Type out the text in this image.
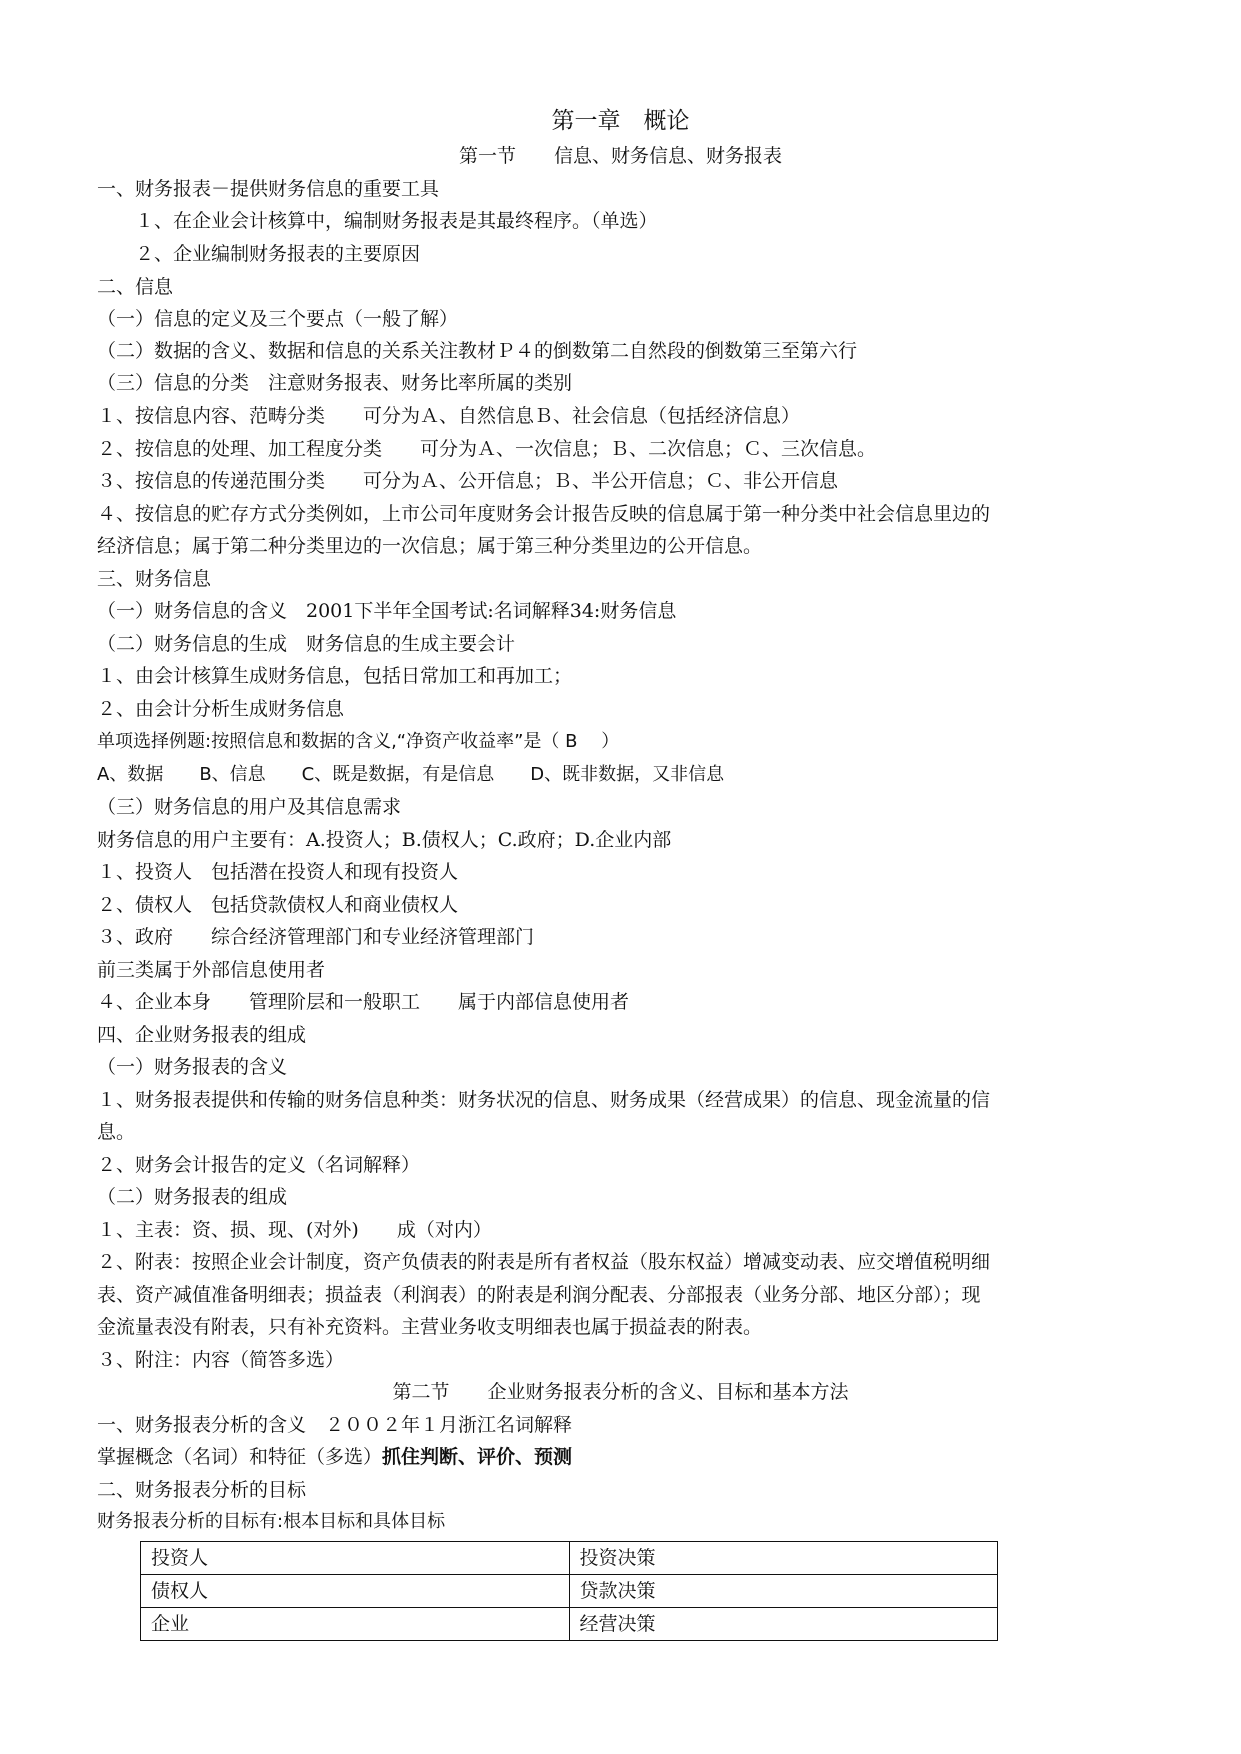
第一章　概论
第一节　　信息、财务信息、财务报表
一、财务报表－提供财务信息的重要工具
　　１、在企业会计核算中，编制财务报表是其最终程序。（单选）
　　２、企业编制财务报表的主要原因
二、信息
（一）信息的定义及三个要点（一般了解）
（二）数据的含义、数据和信息的关系关注教材Ｐ４的倒数第二自然段的倒数第三至第六行
（三）信息的分类　注意财务报表、财务比率所属的类别
１、按信息内容、范畴分类　　可分为Ａ、自然信息Ｂ、社会信息（包括经济信息）
２、按信息的处理、加工程度分类　　可分为Ａ、一次信息；Ｂ、二次信息；Ｃ、三次信息。
３、按信息的传递范围分类　　可分为Ａ、公开信息；Ｂ、半公开信息；Ｃ、非公开信息
４、按信息的贮存方式分类例如，上市公司年度财务会计报告反映的信息属于第一种分类中社会信息里边的
经济信息；属于第二种分类里边的一次信息；属于第三种分类里边的公开信息。
三、财务信息
（一）财务信息的含义　2001下半年全国考试:名词解释34:财务信息
（二）财务信息的生成　财务信息的生成主要会计
１、由会计核算生成财务信息，包括日常加工和再加工；
２、由会计分析生成财务信息
单项选择例题:按照信息和数据的含义,“净资产收益率”是（ B　 ）
A、数据　　B、信息　　C、既是数据，有是信息　　D、既非数据，又非信息
（三）财务信息的用户及其信息需求
财务信息的用户主要有：A.投资人；B.债权人；C.政府；D.企业内部
１、投资人　包括潜在投资人和现有投资人
２、债权人　包括贷款债权人和商业债权人
３、政府　　综合经济管理部门和专业经济管理部门
前三类属于外部信息使用者
４、企业本身　　管理阶层和一般职工　　属于内部信息使用者
四、企业财务报表的组成
（一）财务报表的含义
１、财务报表提供和传输的财务信息种类：财务状况的信息、财务成果（经营成果）的信息、现金流量的信
息。
２、财务会计报告的定义（名词解释）
（二）财务报表的组成
１、主表：资、损、现、(对外)　　成（对内）
２、附表：按照企业会计制度，资产负债表的附表是所有者权益（股东权益）增减变动表、应交增值税明细
表、资产减值准备明细表；损益表（利润表）的附表是利润分配表、分部报表（业务分部、地区分部）；现
金流量表没有附表，只有补充资料。主营业务收支明细表也属于损益表的附表。
３、附注：内容（简答多选）
第二节　　企业财务报表分析的含义、目标和基本方法
一、财务报表分析的含义　２００２年１月浙江名词解释
掌握概念（名词）和特征（多选）抓住判断、评价、预测
二、财务报表分析的目标
财务报表分析的目标有:根本目标和具体目标
投资人	投资决策
债权人	贷款决策
企业	经营决策
